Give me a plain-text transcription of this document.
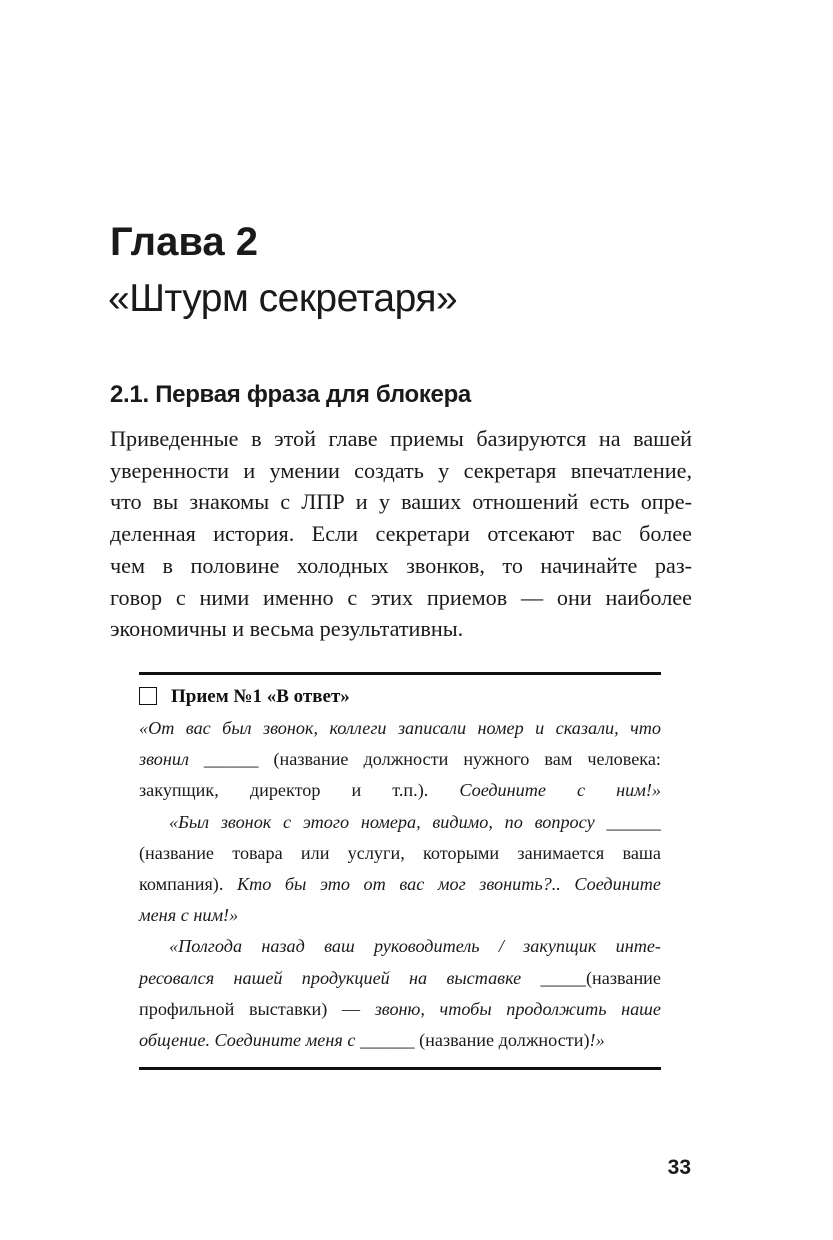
Глава 2
«Штурм секретаря»
2.1. Первая фраза для блокера

Приведенные в этой главе приемы базируются на вашей
уверенности и умении создать у секретаря впечатление,
что вы знакомы с ЛПР и у ваших отношений есть опре-
деленная история. Если секретари отсекают вас более
чем в половине холодных звонков, то начинайте раз-
говор с ними именно с этих приемов — они наиболее
экономичны и весьма результативны.

Прием №1 «В ответ»
«От вас был звонок, коллеги записали номер и сказали, что
звонил ______ (название должности нужного вам человека:
закупщик, директор и т.п.). Соедините с ним!»
«Был звонок с этого номера, видимо, по вопросу ______
(название товара или услуги, которыми занимается ваша
компания). Кто бы это от вас мог звонить?.. Соедините
меня с ним!»
«Полгода назад ваш руководитель / закупщик инте-
ресовался нашей продукцией на выставке _____(название
профильной выставки) — звоню, чтобы продолжить наше
общение. Соедините меня с ______ (название должности)!»
33
